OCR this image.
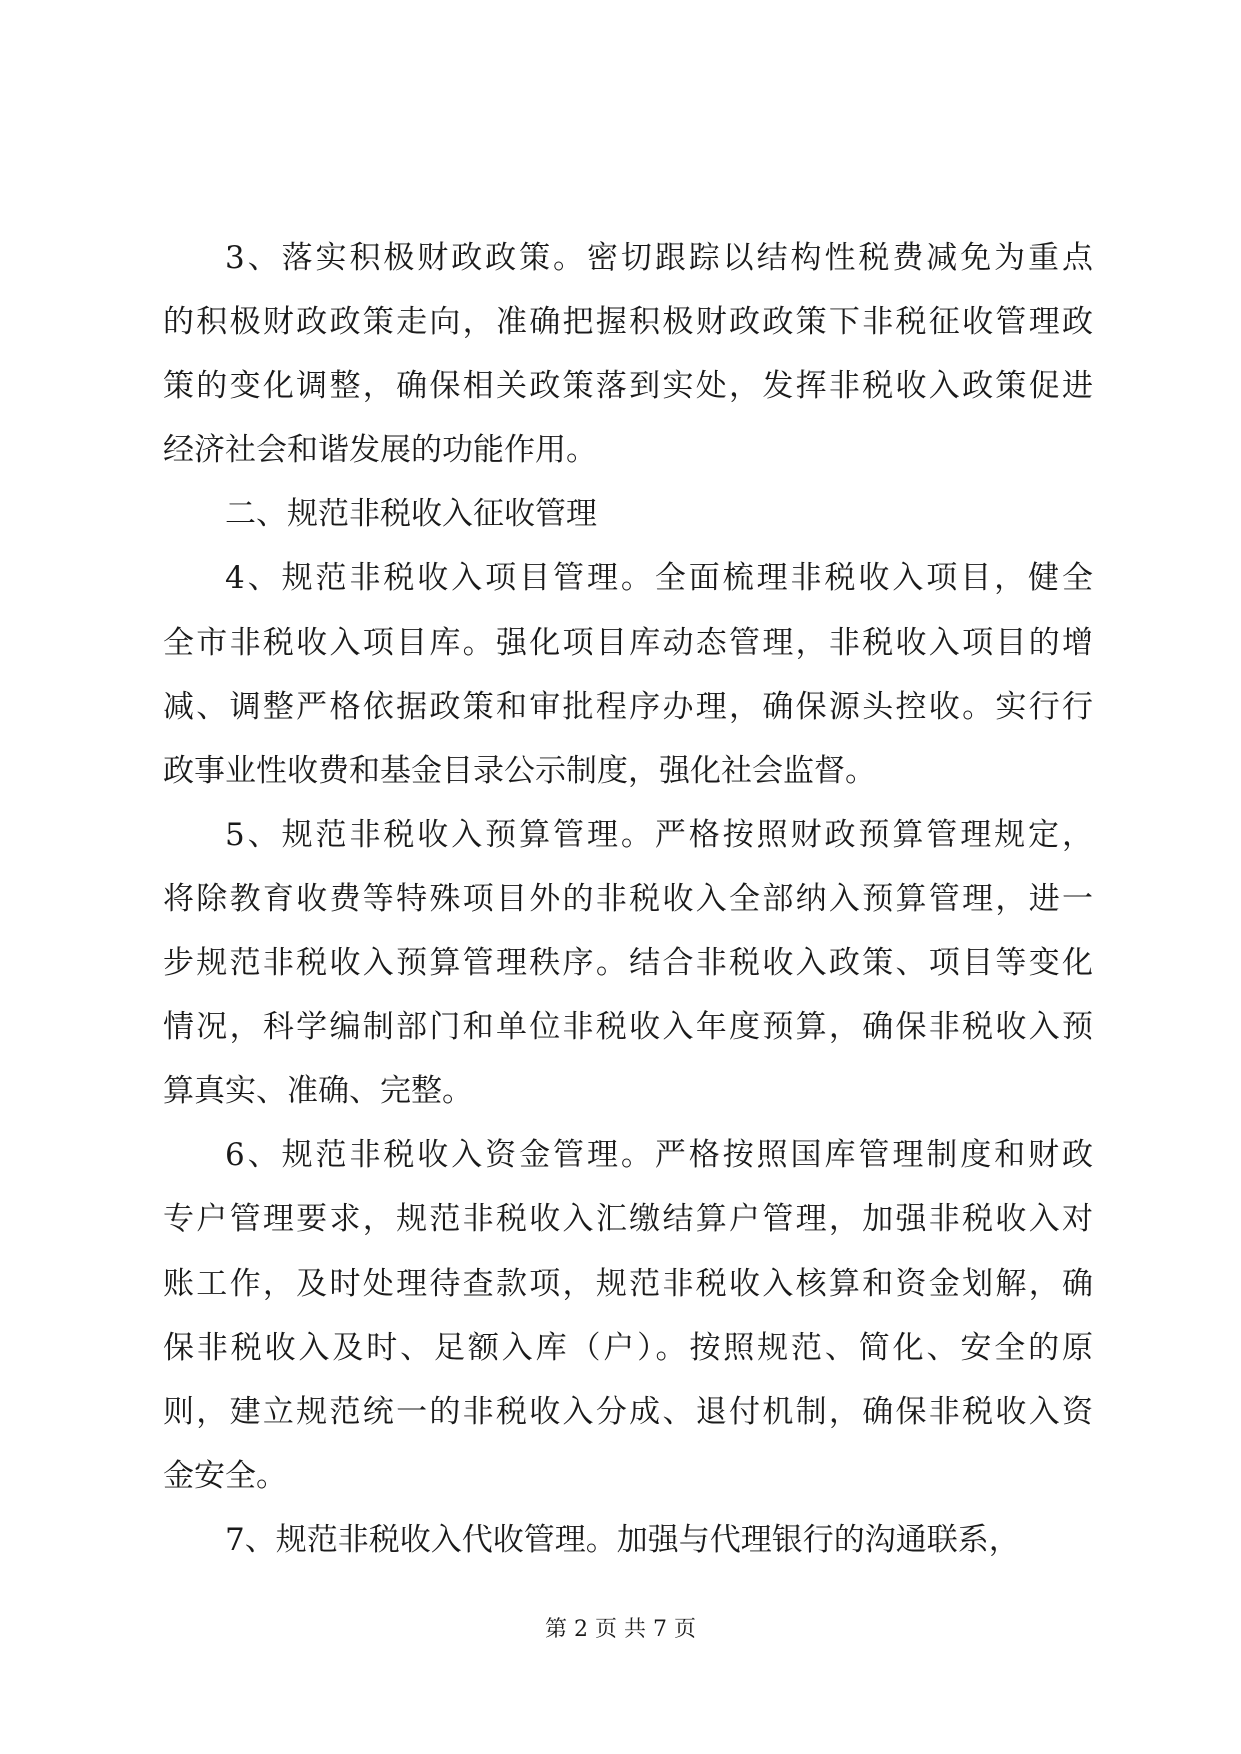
3、落实积极财政政策。密切跟踪以结构性税费减免为重点
的积极财政政策走向，准确把握积极财政政策下非税征收管理政
策的变化调整，确保相关政策落到实处，发挥非税收入政策促进
经济社会和谐发展的功能作用。
二、规范非税收入征收管理
4、规范非税收入项目管理。全面梳理非税收入项目，健全
全市非税收入项目库。强化项目库动态管理，非税收入项目的增
减、调整严格依据政策和审批程序办理，确保源头控收。实行行
政事业性收费和基金目录公示制度，强化社会监督。
5、规范非税收入预算管理。严格按照财政预算管理规定，
将除教育收费等特殊项目外的非税收入全部纳入预算管理，进一
步规范非税收入预算管理秩序。结合非税收入政策、项目等变化
情况，科学编制部门和单位非税收入年度预算，确保非税收入预
算真实、准确、完整。
6、规范非税收入资金管理。严格按照国库管理制度和财政
专户管理要求，规范非税收入汇缴结算户管理，加强非税收入对
账工作，及时处理待查款项，规范非税收入核算和资金划解，确
保非税收入及时、足额入库（户）。按照规范、简化、安全的原
则，建立规范统一的非税收入分成、退付机制，确保非税收入资
金安全。
7、规范非税收入代收管理。加强与代理银行的沟通联系，
第 2 页 共 7 页
